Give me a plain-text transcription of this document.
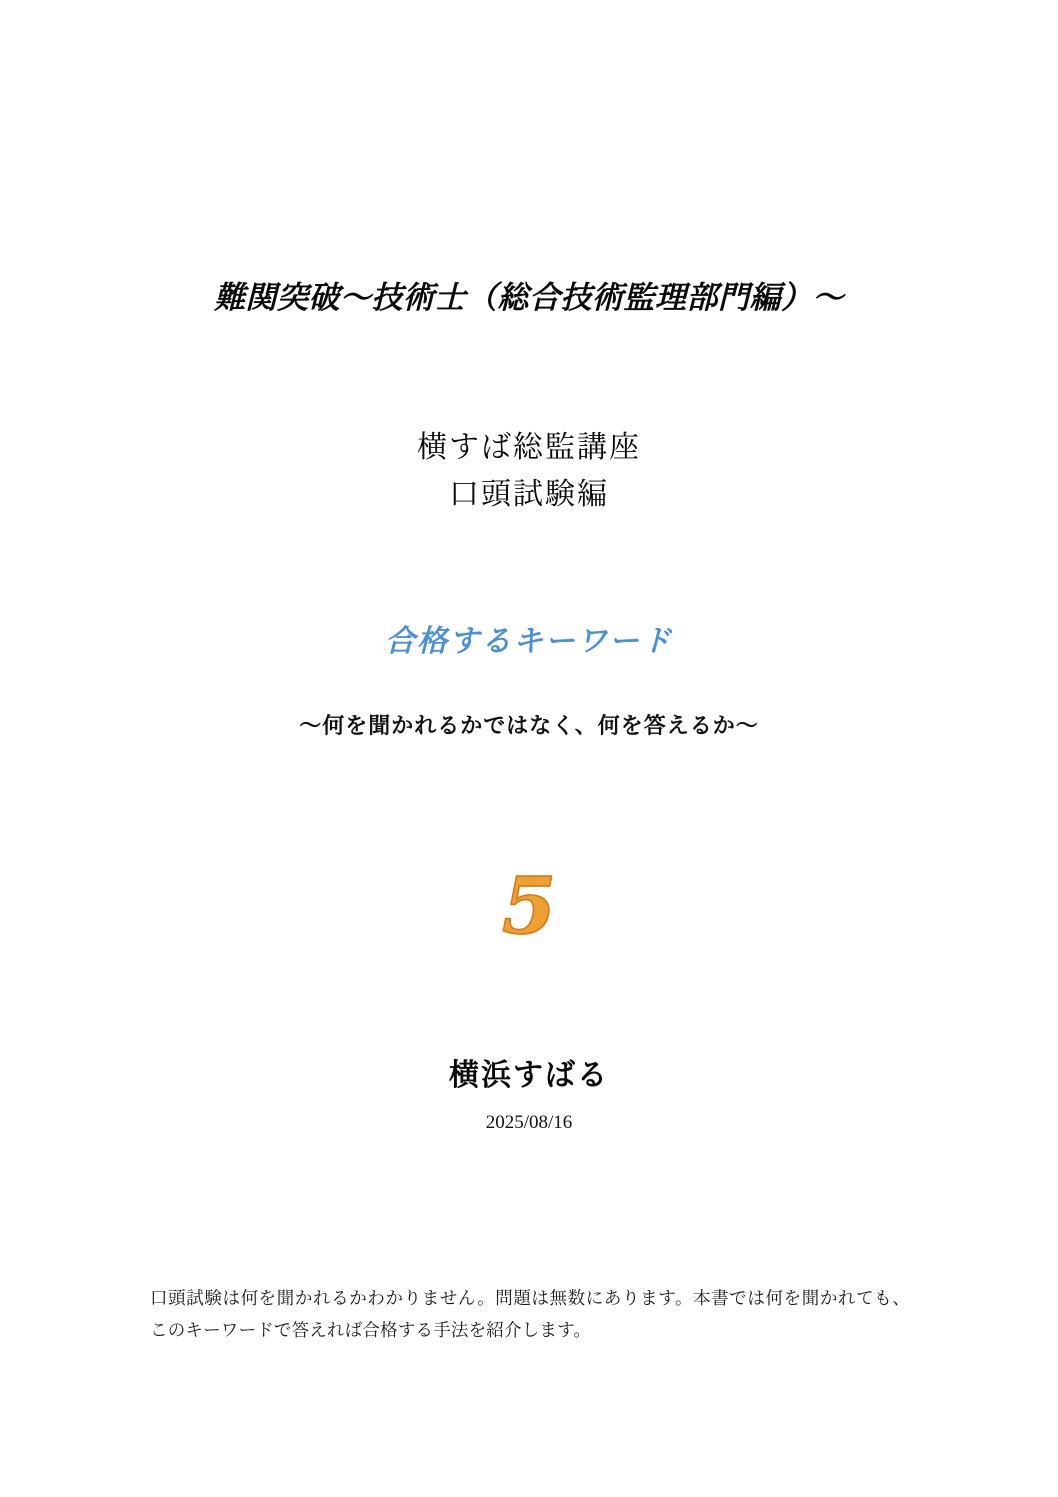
難関突破～技術士（総合技術監理部門編）～
横すば総監講座
口頭試験編
合格するキーワード
～何を聞かれるかではなく、何を答えるか～
5
横浜すばる
2025/08/16
口頭試験は何を聞かれるかわかりません。問題は無数にあります。本書では何を聞かれても、このキーワードで答えれば合格する手法を紹介します。
